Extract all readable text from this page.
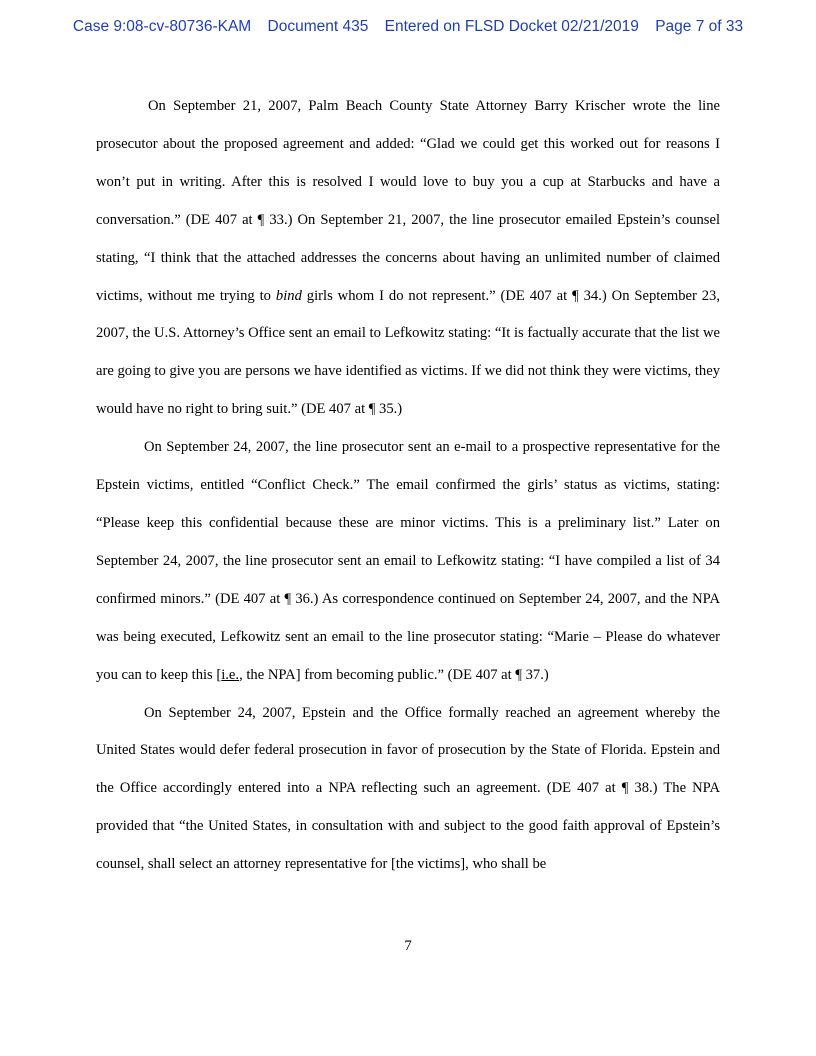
Case 9:08-cv-80736-KAM Document 435 Entered on FLSD Docket 02/21/2019 Page 7 of 33

On September 21, 2007, Palm Beach County State Attorney Barry Krischer wrote the line prosecutor about the proposed agreement and added: “Glad we could get this worked out for reasons I won’t put in writing. After this is resolved I would love to buy you a cup at Starbucks and have a conversation.” (DE 407 at ¶ 33.) On September 21, 2007, the line prosecutor emailed Epstein’s counsel stating, “I think that the attached addresses the concerns about having an unlimited number of claimed victims, without me trying to bind girls whom I do not represent.” (DE 407 at ¶ 34.) On September 23, 2007, the U.S. Attorney’s Office sent an email to Lefkowitz stating: “It is factually accurate that the list we are going to give you are persons we have identified as victims. If we did not think they were victims, they would have no right to bring suit.” (DE 407 at ¶ 35.)

On September 24, 2007, the line prosecutor sent an e-mail to a prospective representative for the Epstein victims, entitled “Conflict Check.” The email confirmed the girls’ status as victims, stating: “Please keep this confidential because these are minor victims. This is a preliminary list.” Later on September 24, 2007, the line prosecutor sent an email to Lefkowitz stating: “I have compiled a list of 34 confirmed minors.” (DE 407 at ¶ 36.) As correspondence continued on September 24, 2007, and the NPA was being executed, Lefkowitz sent an email to the line prosecutor stating: “Marie – Please do whatever you can to keep this [i.e., the NPA] from becoming public.” (DE 407 at ¶ 37.)

On September 24, 2007, Epstein and the Office formally reached an agreement whereby the United States would defer federal prosecution in favor of prosecution by the State of Florida. Epstein and the Office accordingly entered into a NPA reflecting such an agreement. (DE 407 at ¶ 38.) The NPA provided that “the United States, in consultation with and subject to the good faith approval of Epstein’s counsel, shall select an attorney representative for [the victims], who shall be

7
